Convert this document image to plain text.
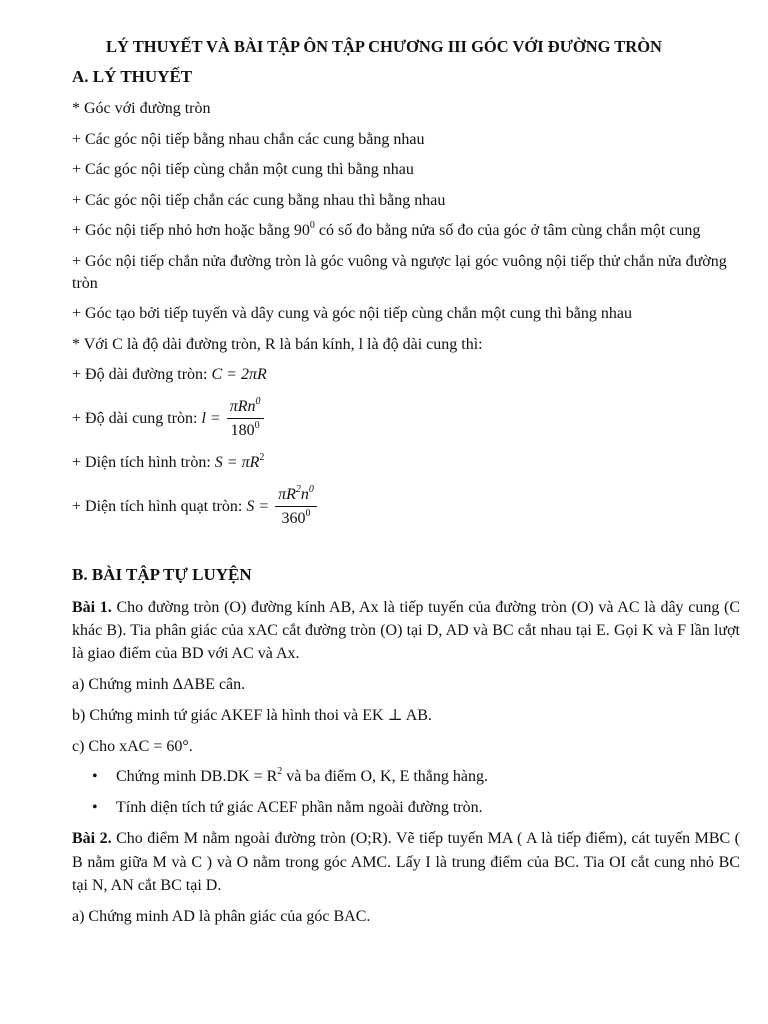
LÝ THUYẾT VÀ BÀI TẬP ÔN TẬP CHƯƠNG III GÓC VỚI ĐƯỜNG TRÒN
A. LÝ THUYẾT
* Góc với đường tròn
+ Các góc nội tiếp bằng nhau chắn các cung bằng nhau
+ Các góc nội tiếp cùng chắn một cung thì bằng nhau
+ Các góc nội tiếp chắn các cung bằng nhau thì bằng nhau
+ Góc nội tiếp nhỏ hơn hoặc bằng $90^0$ có số đo bằng nửa số đo của góc ở tâm cùng chắn một cung
+ Góc nội tiếp chắn nửa đường tròn là góc vuông và ngược lại góc vuông nội tiếp thử chắn nửa đường tròn
+ Góc tạo bởi tiếp tuyến và dây cung và góc nội tiếp cùng chắn một cung thì bằng nhau
* Với C là độ dài đường tròn, R là bán kính, l là độ dài cung thì:
+ Độ dài đường tròn: C = 2πR
+ Độ dài cung tròn: $l = \frac{\pi Rn^0}{180^0}$
+ Diện tích hình tròn: $S = \pi R^2$
+ Diện tích hình quạt tròn: $S = \frac{\pi R^2n^0}{360^0}$
B. BÀI TẬP TỰ LUYỆN
Bài 1. Cho đường tròn (O) đường kính AB, Ax là tiếp tuyến của đường tròn (O) và AC là dây cung (C khác B). Tia phân giác của xAC cắt đường tròn (O) tại D, AD và BC cắt nhau tại E. Gọi K và F lần lượt là giao điểm của BD với AC và Ax.
a) Chứng minh ΔABE cân.
b) Chứng minh tứ giác AKEF là hình thoi và EK ⊥ AB.
c) Cho xAC = 60°.
• Chứng minh $DB.DK = R^2$ và ba điểm O, K, E thẳng hàng.
• Tính diện tích tứ giác ACEF phần nằm ngoài đường tròn.
Bài 2. Cho điểm M nằm ngoài đường tròn (O;R). Vẽ tiếp tuyến MA ( A là tiếp điểm), cát tuyến MBC ( B nằm giữa M và C ) và O nằm trong góc AMC. Lấy I là trung điểm của BC. Tia OI cắt cung nhỏ BC tại N, AN cắt BC tại D.
a) Chứng minh AD là phân giác của góc BAC.
